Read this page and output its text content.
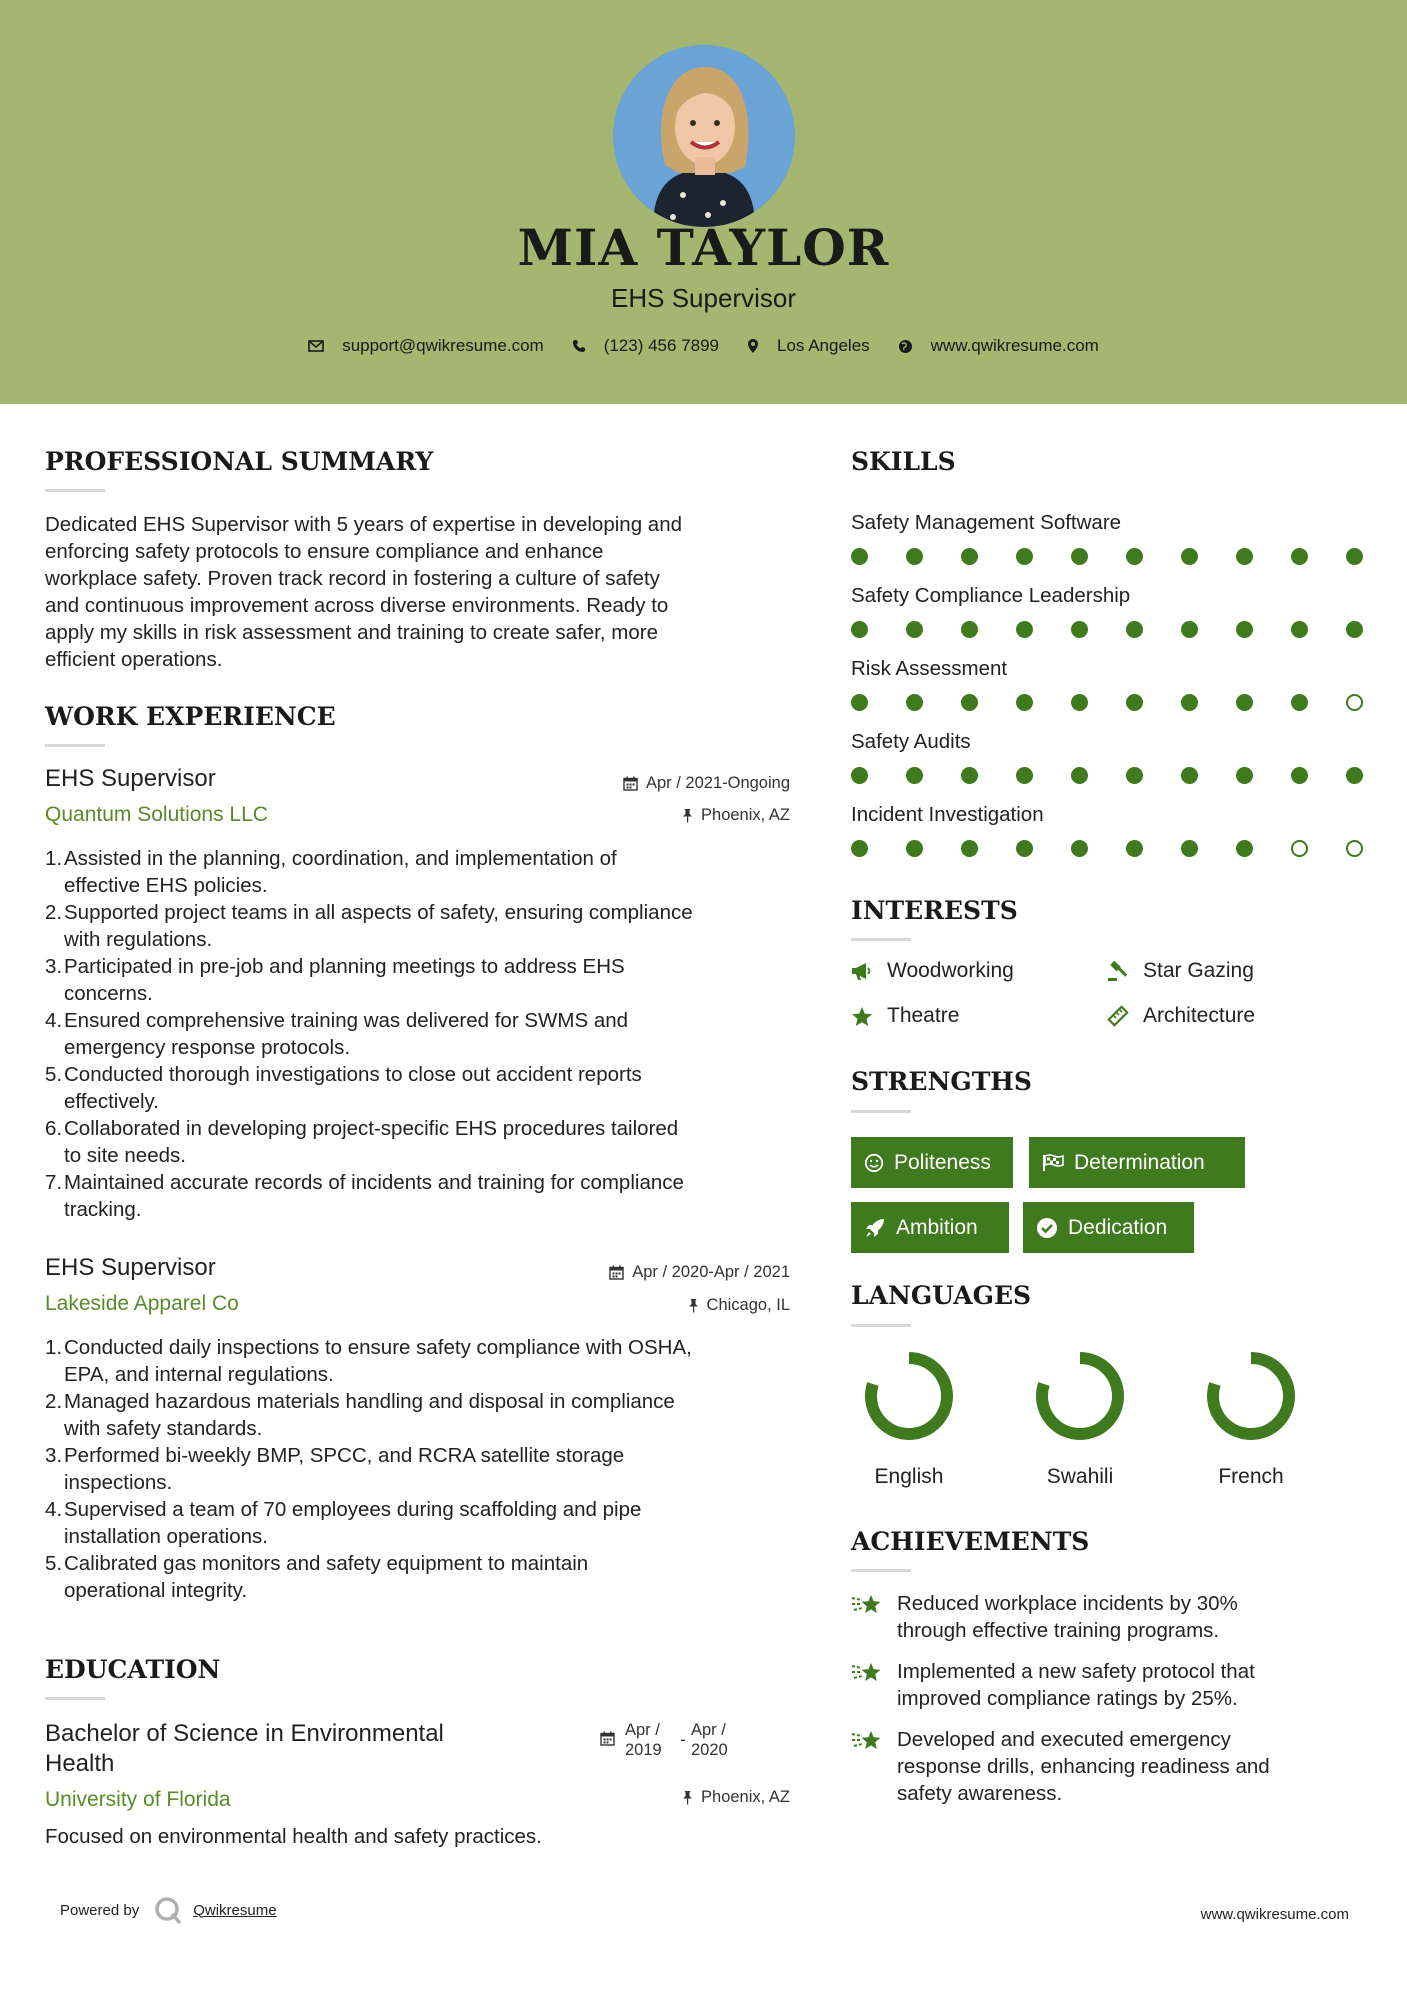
MIA TAYLOR
EHS Supervisor
support@qwikresume.com	(123) 456 7899	Los Angeles	www.qwikresume.com
PROFESSIONAL SUMMARY
Dedicated EHS Supervisor with 5 years of expertise in developing and
enforcing safety protocols to ensure compliance and enhance
workplace safety. Proven track record in fostering a culture of safety
and continuous improvement across diverse environments. Ready to
apply my skills in risk assessment and training to create safer, more
efficient operations.
WORK EXPERIENCE
EHS Supervisor
Quantum Solutions LLC
Apr / 2021-Ongoing
Phoenix, AZ
1. Assisted in the planning, coordination, and implementation of
effective EHS policies.
2. Supported project teams in all aspects of safety, ensuring compliance
with regulations.
3. Participated in pre-job and planning meetings to address EHS
concerns.
4. Ensured comprehensive training was delivered for SWMS and
emergency response protocols.
5. Conducted thorough investigations to close out accident reports
effectively.
6. Collaborated in developing project-specific EHS procedures tailored
to site needs.
7. Maintained accurate records of incidents and training for compliance
tracking.
EHS Supervisor
Lakeside Apparel Co
Apr / 2020-Apr / 2021
Chicago, IL
1. Conducted daily inspections to ensure safety compliance with OSHA,
EPA, and internal regulations.
2. Managed hazardous materials handling and disposal in compliance
with safety standards.
3. Performed bi-weekly BMP, SPCC, and RCRA satellite storage
inspections.
4. Supervised a team of 70 employees during scaffolding and pipe
installation operations.
5. Calibrated gas monitors and safety equipment to maintain
operational integrity.
EDUCATION
Bachelor of Science in Environmental
Health
University of Florida
Apr /
2019
-
Apr /
2020
Phoenix, AZ
Focused on environmental health and safety practices.
SKILLS
Safety Management Software
Safety Compliance Leadership
Risk Assessment
Safety Audits
Incident Investigation
INTERESTS
Woodworking	Star Gazing
Theatre	Architecture
STRENGTHS
Politeness	Determination
Ambition	Dedication
LANGUAGES
English	Swahili	French
ACHIEVEMENTS
Reduced workplace incidents by 30%
through effective training programs.
Implemented a new safety protocol that
improved compliance ratings by 25%.
Developed and executed emergency
response drills, enhancing readiness and
safety awareness.
Powered by	Qwikresume	www.qwikresume.com
